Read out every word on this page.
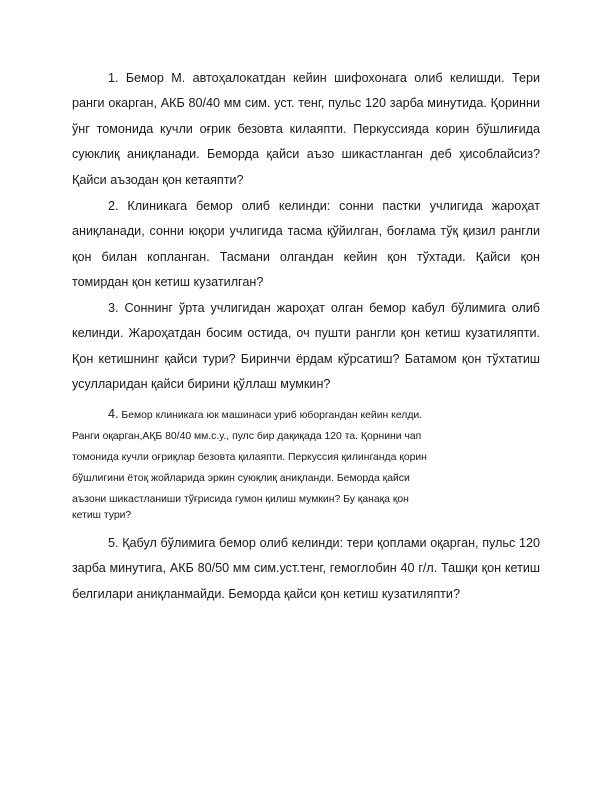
1. Бемор М. автоҳалокатдан кейин шифохонага олиб келишди. Тери ранги окарган, АКБ 80/40 мм сим. уст. тенг, пульс 120 зарба минутида. Қоринни ўнг томонида кучли оғрик безовта килаяпти. Перкуссияда корин бўшлиғида суюклиқ аниқланади. Беморда қайси аъзо шикастланган деб ҳисоблайсиз? Қайси аъзодан қон кетаяпти?

2. Клиникага бемор олиб келинди: сонни пастки учлигида жароҳат аниқланади, сонни юқори учлигида тасма қўйилган, боғлама тўқ қизил рангли қон билан копланган. Тасмани олгандан кейин қон тўхтади. Қайси қон томирдан қон кетиш кузатилган?

3. Соннинг ўрта учлигидан жароҳат олган бемор кабул бўлимига олиб келинди. Жароҳатдан босим остида, оч пушти рангли қон кетиш кузатиляпти. Қон кетишнинг қайси тури? Биринчи ёрдам кўрсатиш? Батамом қон тўхтатиш усулларидан қайси бирини қўллаш мумкин?

4. Бемор клиникага юк машинаси уриб юборгандан кейин келди.
Ранги оқарган,АҚБ 80/40 мм.с.у., пулс бир дақиқада 120 та. Қорнини чап
томонида кучли оғриқлар безовта қилаяпти. Перкуссия қилинганда қорин
бўшлигини ётоқ жойларида эркин суюқлиқ аниқланди. Беморда қайси
аъзони шикастланиши тўғрисида гумон қилиш мумкин? Бу қанақа қон
кетиш тури?

5. Қабул бўлимига бемор олиб келинди: тери қоплами оқарган, пульс 120 зарба минутига, АКБ 80/50 мм сим.уст.тенг, гемоглобин 40 г/л. Ташқи қон кетиш белгилари аниқланмайди. Беморда қайси қон кетиш кузатиляпти?
